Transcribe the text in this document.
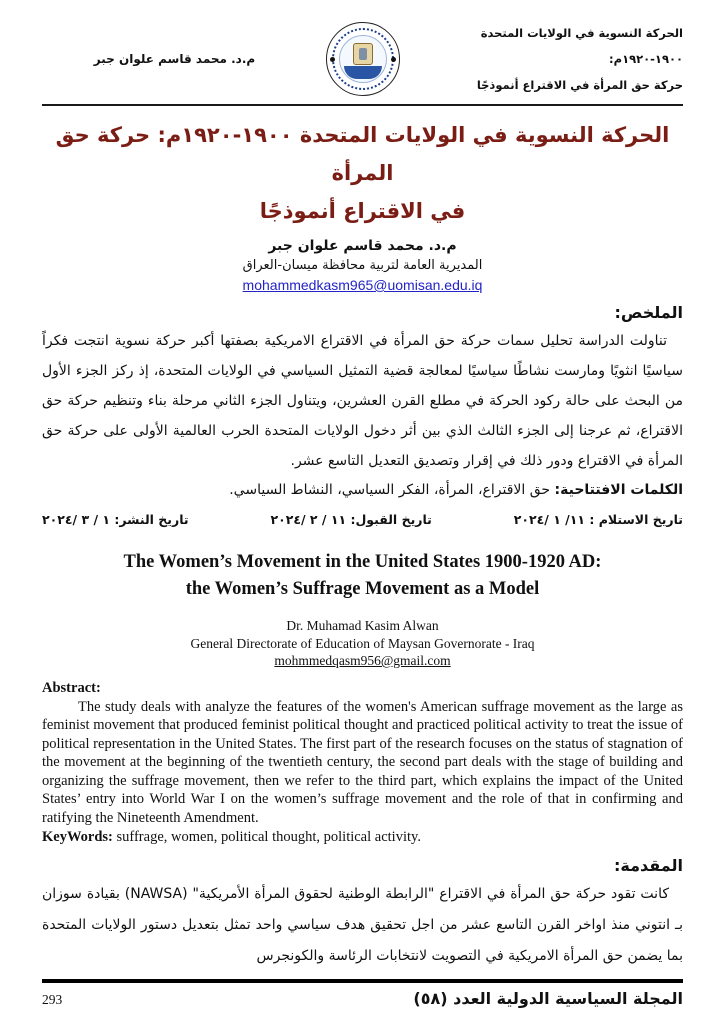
الحركة النسوية في الولايات المتحدة ١٩٠٠-١٩٢٠م:
حركة حق المرأة في الاقتراع أنموذجًا
م.د. محمد قاسم علوان جبر
الحركة النسوية في الولايات المتحدة ١٩٠٠-١٩٢٠م: حركة حق المرأة
في الاقتراع أنموذجًا
م.د. محمد قاسم علوان جبر
المديرية العامة لتربية محافظة ميسان-العراق
mohammedkasm965@uomisan.edu.iq
الملخص:
تناولت الدراسة تحليل سمات حركة حق المرأة في الاقتراع الامريكية بصفتها أكبر حركة نسوية انتجت فكراً سياسيًا انثويًا ومارست نشاطًا سياسيًا لمعالجة قضية التمثيل السياسي في الولايات المتحدة، إذ ركز الجزء الأول من البحث على حالة ركود الحركة في مطلع القرن العشرين، ويتناول الجزء الثاني مرحلة بناء وتنظيم حركة حق الاقتراع، ثم عرجنا إلى الجزء الثالث الذي بين أثر دخول الولايات المتحدة الحرب العالمية الأولى على حركة حق المرأة في الاقتراع ودور ذلك في إقرار وتصديق التعديل التاسع عشر.
الكلمات الافتتاحية: حق الاقتراع، المرأة، الفكر السياسي، النشاط السياسي.
تاريخ الاستلام : ١١/ ١ /٢٠٢٤
تاريخ القبول: ١١ / ٢ /٢٠٢٤
تاريخ النشر: ١ / ٣ /٢٠٢٤
The Women’s Movement in the United States 1900-1920 AD:
the Women’s Suffrage Movement as a Model
Dr. Muhamad Kasim Alwan
General Directorate of Education of Maysan Governorate - Iraq
mohmmedqasm956@gmail.com
Abstract:
The study deals with analyze the features of the women's American suffrage movement as the large as feminist movement that produced feminist political thought and practiced political activity to treat the issue of political representation in the United States. The first part of the research focuses on the status of stagnation of the movement at the beginning of the twentieth century, the second part deals with the stage of building and organizing the suffrage movement, then we refer to the third part, which explains the impact of the United States’ entry into World War I on the women’s suffrage movement and the role of that in confirming and ratifying the Nineteenth Amendment.
KeyWords: suffrage, women, political thought, political activity.
المقدمة:
كانت تقود حركة حق المرأة في الاقتراع "الرابطة الوطنية لحقوق المرأة الأمريكية" (NAWSA) بقيادة سوزان بـ انتوني منذ اواخر القرن التاسع عشر من اجل تحقيق هدف سياسي واحد تمثل بتعديل دستور الولايات المتحدة بما يضمن حق المرأة الامريكية في التصويت لانتخابات الرئاسة والكونجرس
المجلة السياسية الدولية العدد (٥٨)
293
